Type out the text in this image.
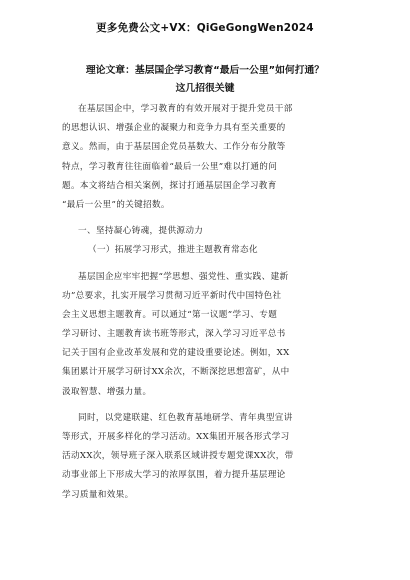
更多免费公文+VX：QiGeGongWen2024
理论文章：基层国企学习教育“最后一公里”如何打通？
这几招很关键
在基层国企中，学习教育的有效开展对于提升党员干部
的思想认识、增强企业的凝聚力和竞争力具有至关重要的
意义。然而，由于基层国企党员基数大、工作分布分散等
特点，学习教育往往面临着“最后一公里”难以打通的问
题。本文将结合相关案例，探讨打通基层国企学习教育
“最后一公里”的关键招数。
一、坚持凝心铸魂，提供源动力
（一）拓展学习形式，推进主题教育常态化
基层国企应牢牢把握“学思想、强党性、重实践、建新
功”总要求，扎实开展学习贯彻习近平新时代中国特色社
会主义思想主题教育。可以通过“第一议题”学习、专题
学习研讨、主题教育读书班等形式，深入学习习近平总书
记关于国有企业改革发展和党的建设重要论述。例如，XX
集团累计开展学习研讨XX余次，不断深挖思想富矿，从中
汲取智慧、增强力量。
同时，以党建联建、红色教育基地研学、青年典型宣讲
等形式，开展多样化的学习活动。XX集团开展各形式学习
活动XX次，领导班子深入联系区域讲授专题党课XX次，带
动事业部上下形成大学习的浓厚氛围，着力提升基层理论
学习质量和效果。
